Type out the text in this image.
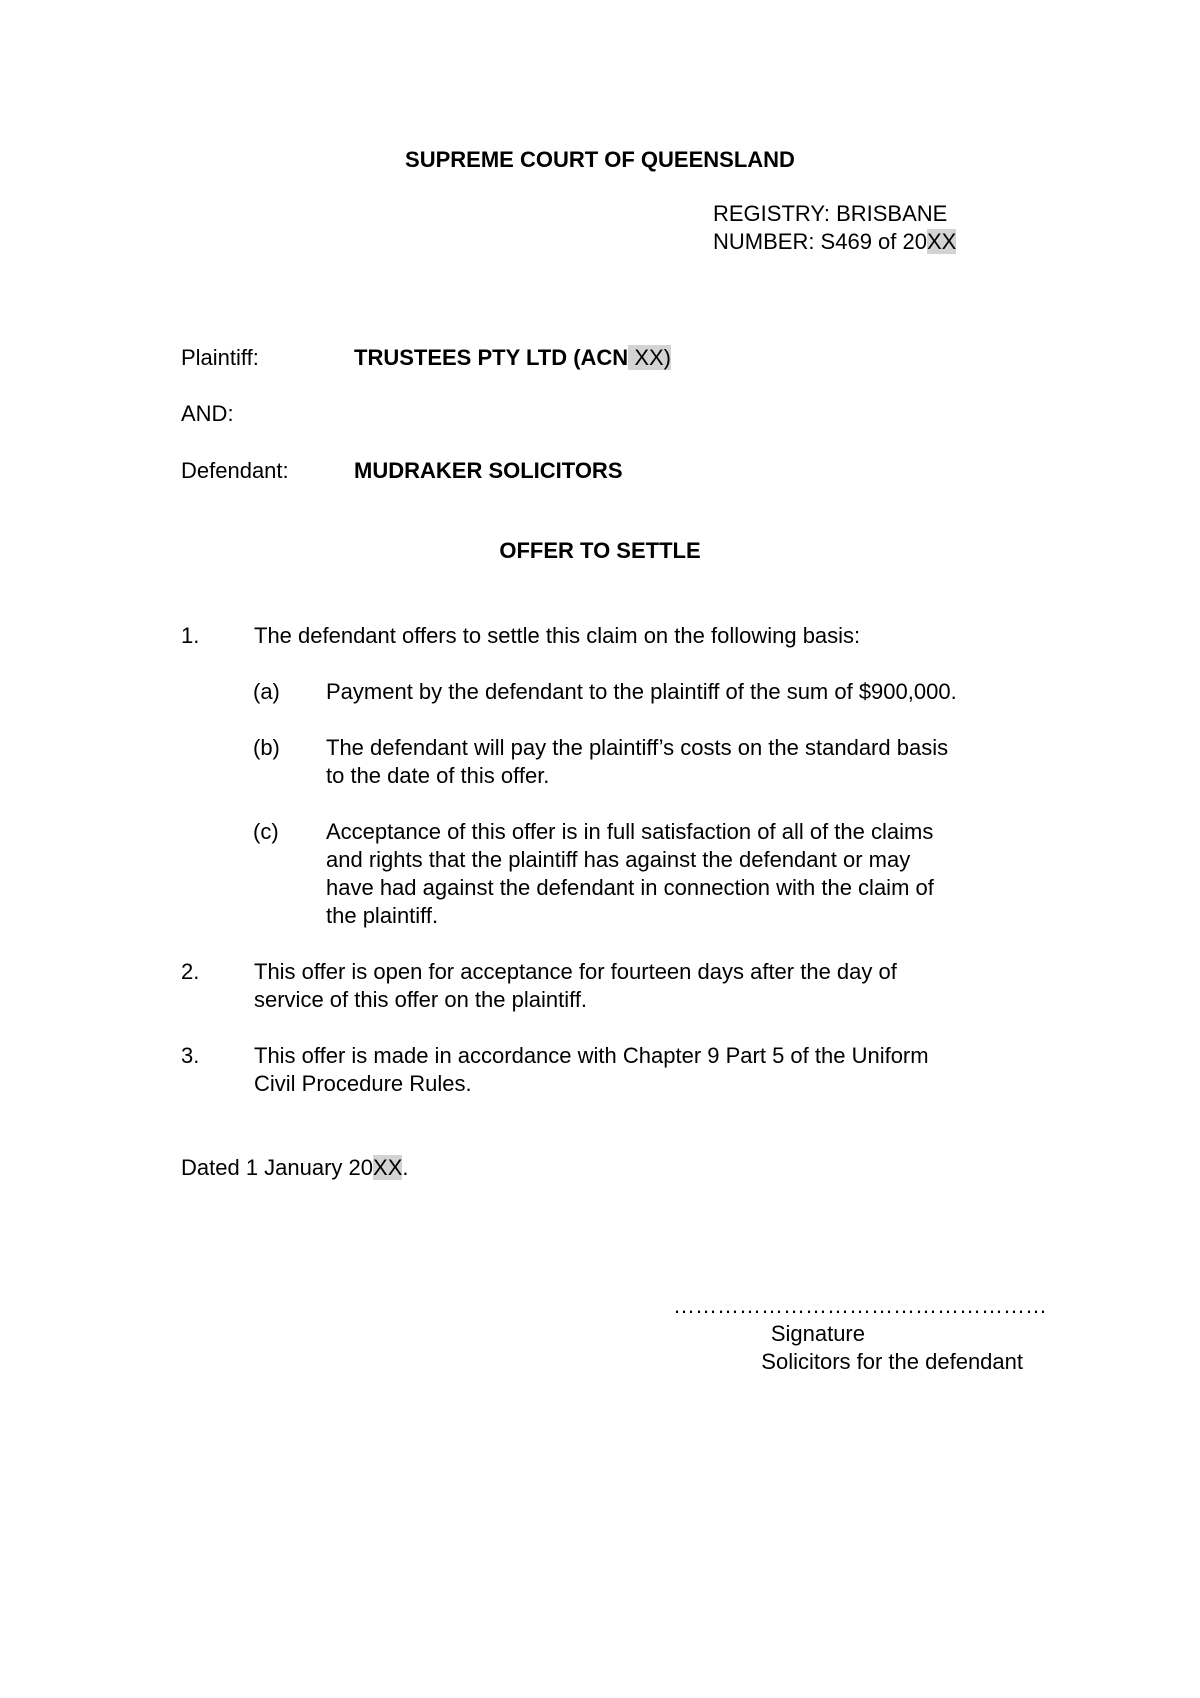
SUPREME COURT OF QUEENSLAND
REGISTRY: BRISBANE
NUMBER: S469 of 20XX
Plaintiff:	TRUSTEES PTY LTD (ACN XX)
AND:
Defendant:	MUDRAKER SOLICITORS
OFFER TO SETTLE
1. The defendant offers to settle this claim on the following basis:
(a) Payment by the defendant to the plaintiff of the sum of $900,000.
(b) The defendant will pay the plaintiff’s costs on the standard basis
to the date of this offer.
(c) Acceptance of this offer is in full satisfaction of all of the claims
and rights that the plaintiff has against the defendant or may
have had against the defendant in connection with the claim of
the plaintiff.
2. This offer is open for acceptance for fourteen days after the day of
service of this offer on the plaintiff.
3. This offer is made in accordance with Chapter 9 Part 5 of the Uniform
Civil Procedure Rules.
Dated 1 January 20XX.
……………………………………………
Signature
Solicitors for the defendant
